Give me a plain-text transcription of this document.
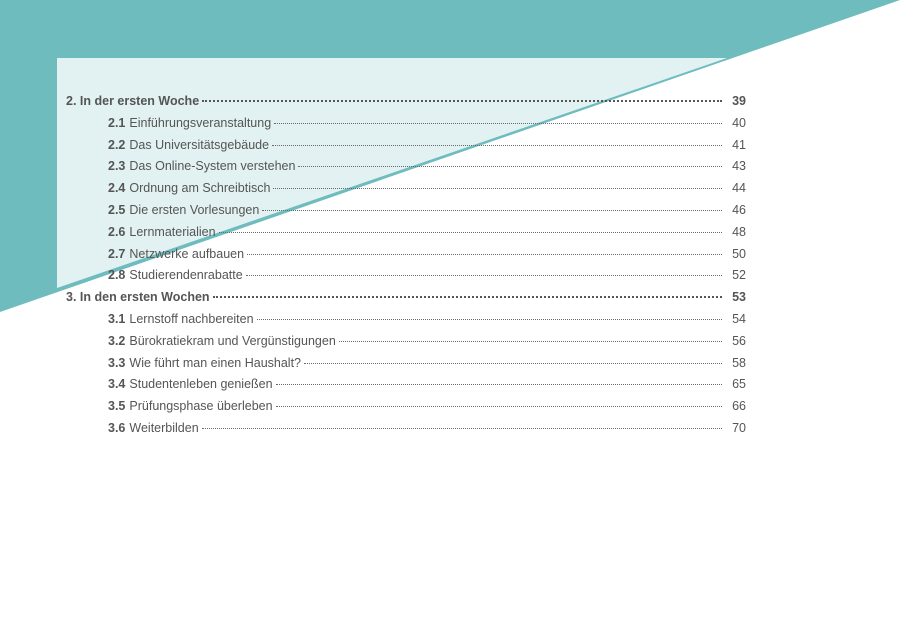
2. In der ersten Woche	39
2.1 Einführungsveranstaltung	40
2.2 Das Universitätsgebäude	41
2.3 Das Online-System verstehen	43
2.4 Ordnung am Schreibtisch	44
2.5 Die ersten Vorlesungen	46
2.6 Lernmaterialien	48
2.7 Netzwerke aufbauen	50
2.8 Studierendenrabatte	52
3. In den ersten Wochen	53
3.1 Lernstoff nachbereiten	54
3.2 Bürokratiekram und Vergünstigungen	56
3.3 Wie führt man einen Haushalt?	58
3.4 Studentenleben genießen	65
3.5 Prüfungsphase überleben	66
3.6 Weiterbilden	70
